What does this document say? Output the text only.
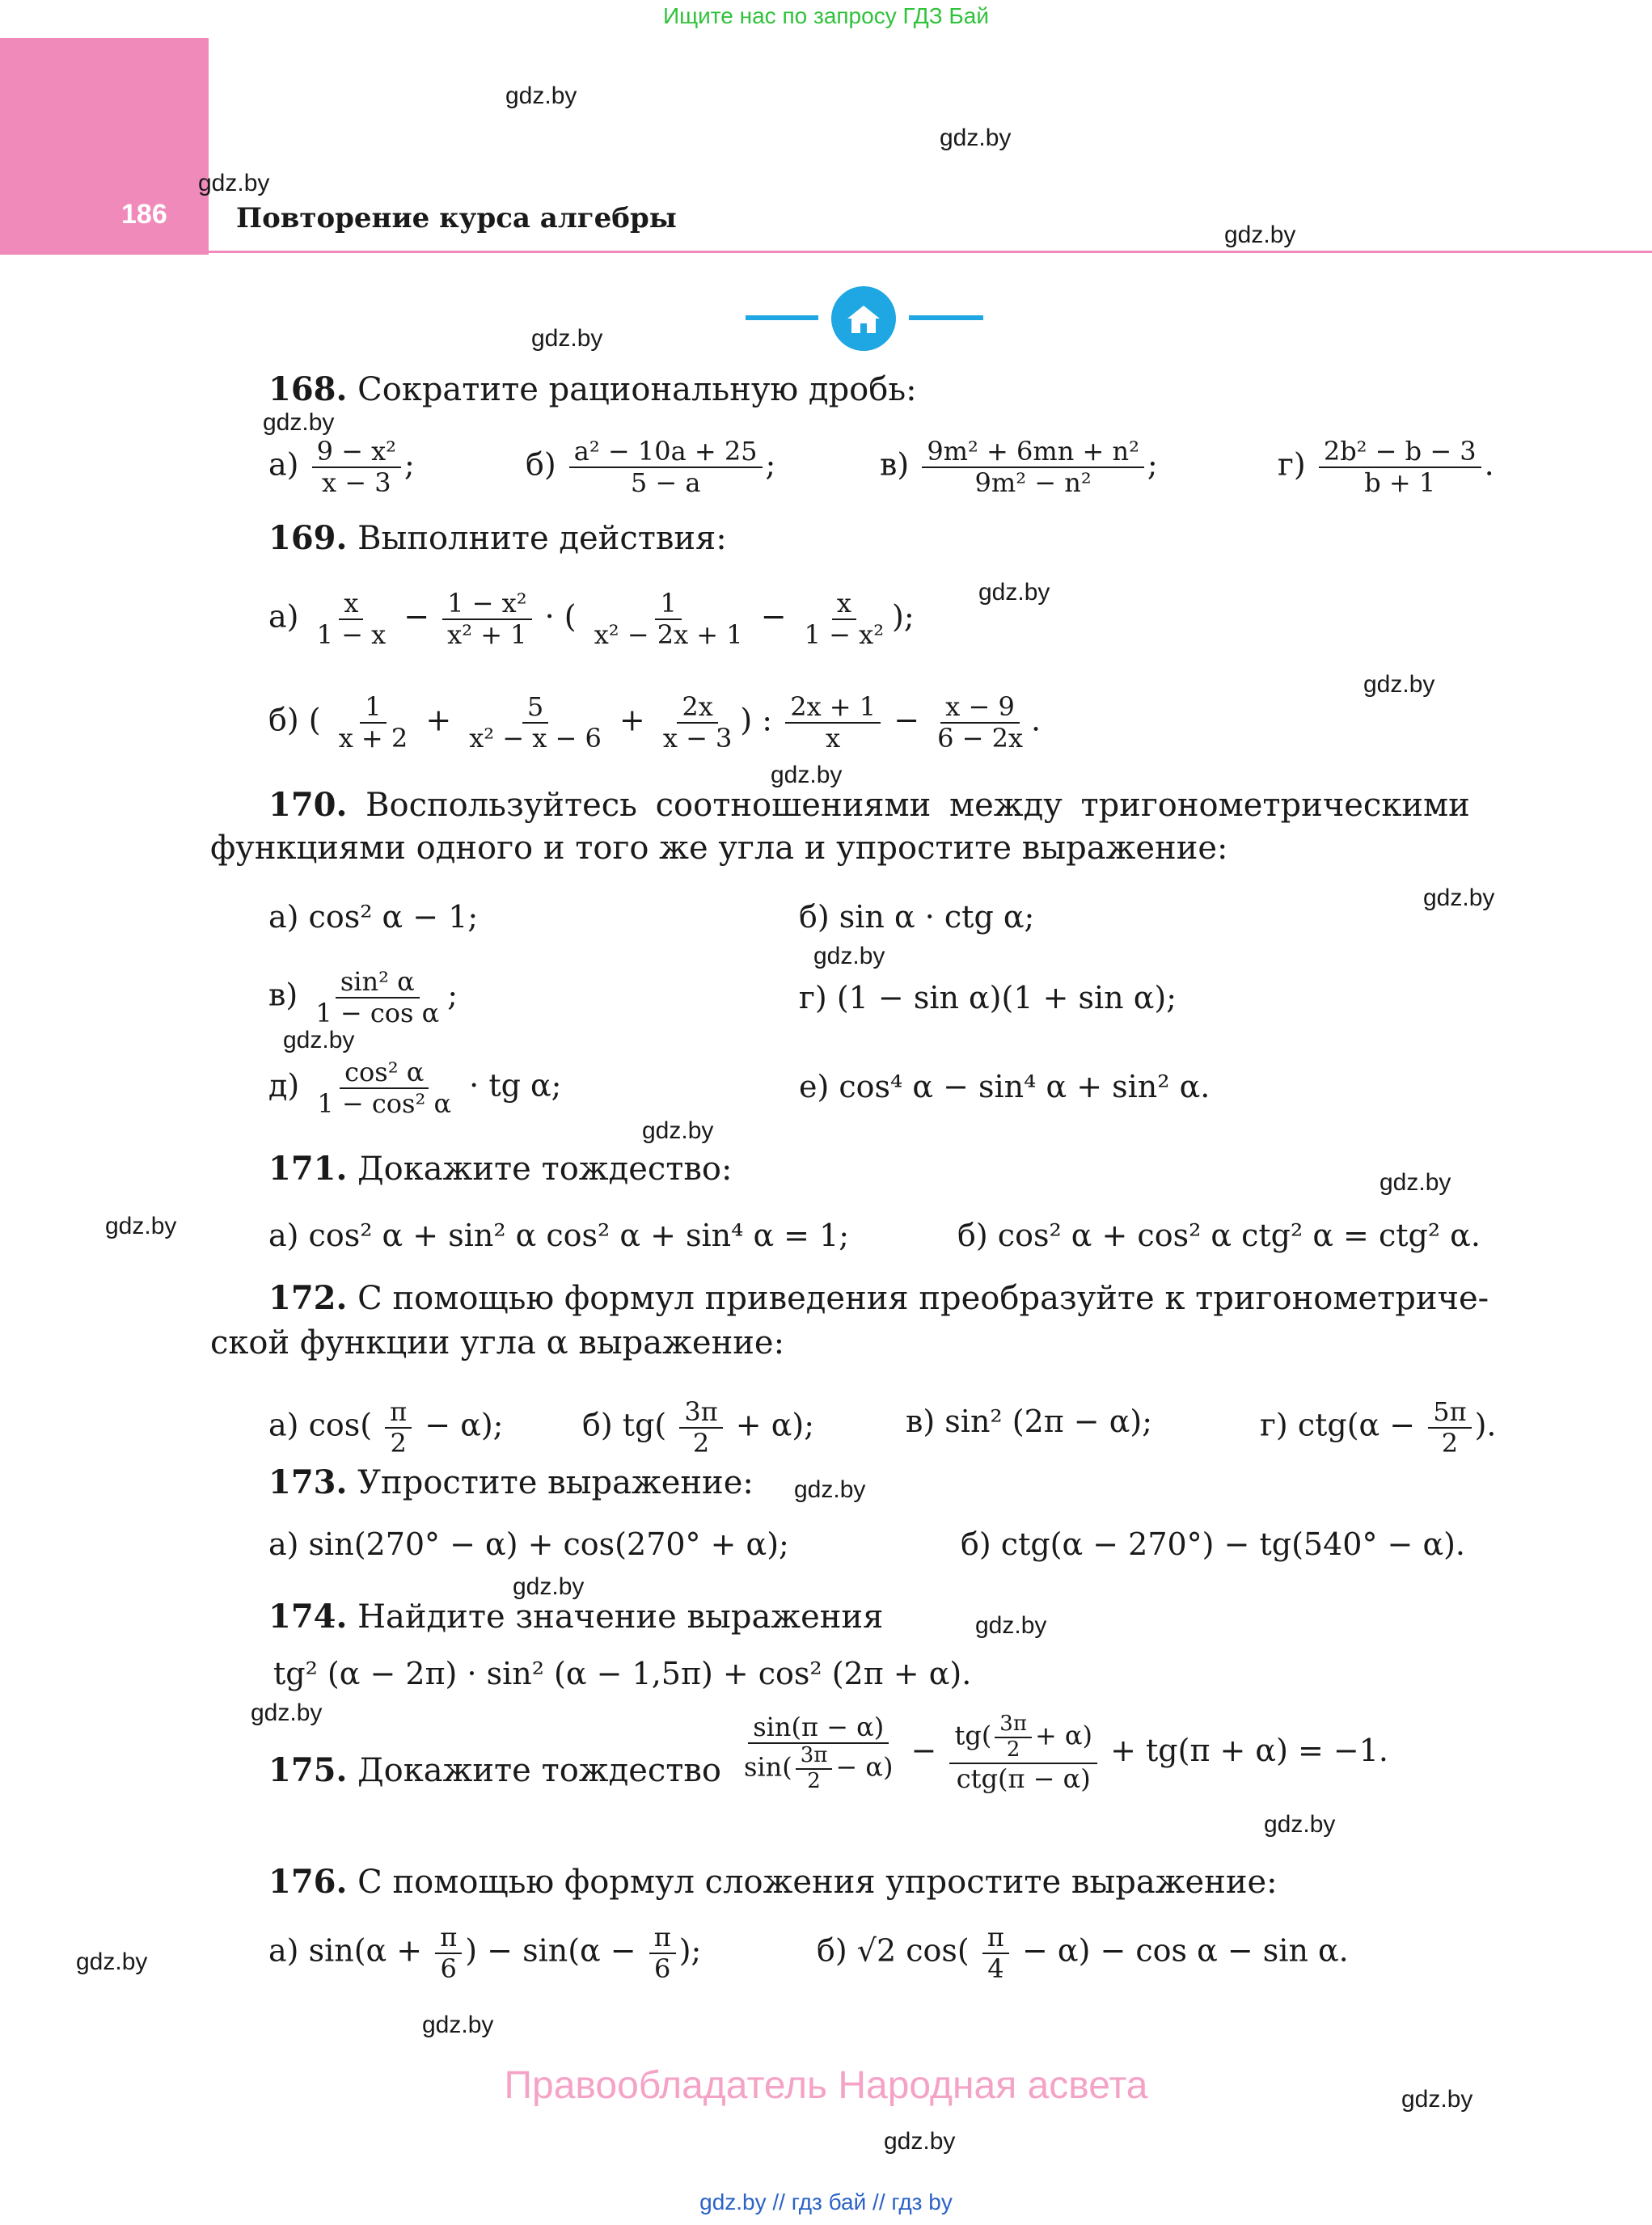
Ищите нас по запросу ГДЗ Бай
186	Повторение курса алгебры
gdz.by
gdz.by
gdz.by
gdz.by
gdz.by
gdz.by
gdz.by
gdz.by
gdz.by
gdz.by
gdz.by
gdz.by
gdz.by
gdz.by
gdz.by
gdz.by
gdz.by
gdz.by
gdz.by
gdz.by
gdz.by
gdz.by
gdz.by
gdz.by
168. Сократите рациональную дробь:
$а) \frac{\text{9 − x²}}{x - 3}$ ;	$б) \frac{\text{a² − 10a + 25}}{5 - a}$ ;	$в) \frac{\text{9m² + 6mn + n²}}{\text{9m² − n²}}$ ;	$г) \frac{\text{2b² − b − 3}}{b + 1}$ .
169. Выполните действия:
$а) \frac{x}{1 - x} - \frac{\text{1 − x²}}{\text{x² + 1}}$ · ( $\frac{1}{\text{x² − 2x + 1}} - \frac{x}{\text{1 − x²}}$ );
б) ( $\frac{1}{x + 2} + \frac{5}{\text{x² − x − 6}} + \frac{2x}{x - 3}$ ) : $\frac{2x + 1}{x} - \frac{x - 9}{6 - 2x}$ .
170. Воспользуйтесь соотношениями между тригонометрическими
функциями одного и того же угла и упростите выражение:
а) cos² α − 1;	б) sin α · ctg α;
$в) \frac{\text{sin² α}}{\text{1 − cos α}}$ ;	г) (1 − sin α)(1 + sin α);
$д) \frac{\text{cos² α}}{\text{1 − cos² α}}$ · tg α;	е) cos⁴ α − sin⁴ α + sin² α.
171. Докажите тождество:
а) cos² α + sin² α cos² α + sin⁴ α = 1;	б) cos² α + cos² α ctg² α = ctg² α.
172. С помощью формул приведения преобразуйте к тригонометриче-
ской функции угла α выражение:
а) $\cos( \frac{\pi}{2} - \alpha)$;	б) $tg( \frac{3\pi}{2} + \alpha)$;	в) sin² (2π − α);	г) $ctg(\alpha - \frac{5\pi}{2}$ ).
173. Упростите выражение:
а) sin(270° − α) + cos(270° + α);	б) ctg(α − 270°) − tg(540° − α).
174. Найдите значение выражения
tg² (α − 2π) · sin² (α − 1,5π) + cos² (2π + α).
175. Докажите тождество $\frac{\sin(\pi - \alpha)}{\sin( \frac{3\pi}{2} - \alpha)} - \frac{tg( \frac{3\pi}{2} + \alpha)}{\text{ctg(π − α)}} + tg(\pi + \alpha) = -1$.
176. С помощью формул сложения упростите выражение:
а) $\sin(\alpha + \frac{\pi}{6}$ ) − $\sin(\alpha - \frac{\pi}{6}$ );	б) √2 $\cos( \frac{\pi}{4} - \alpha) - \cos \alpha - \sin \alpha$.
Правообладатель Народная асвета
gdz.by // гдз бай // гдз by
